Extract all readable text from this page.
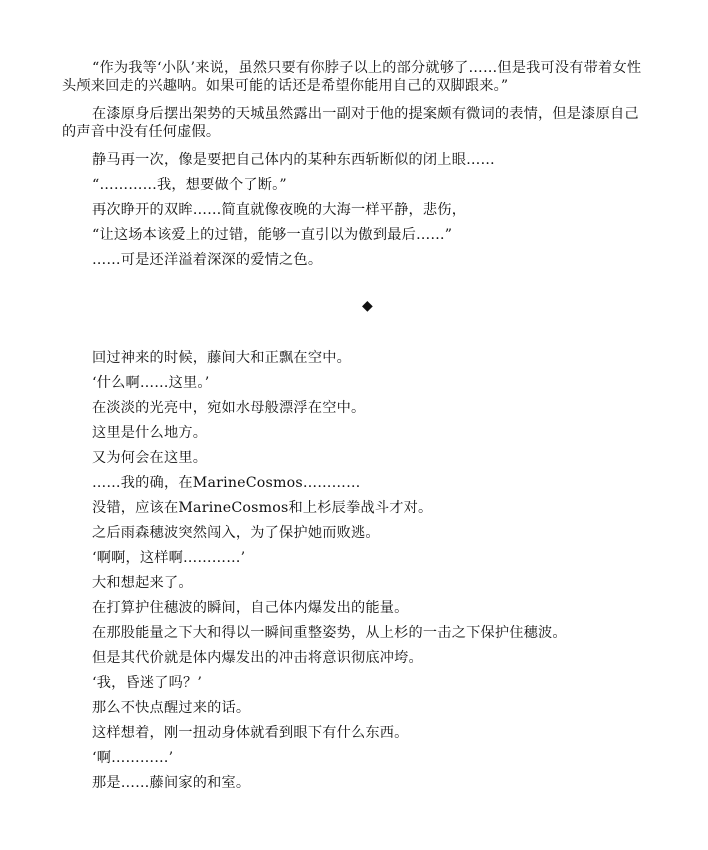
“作为我等‘小队’来说，虽然只要有你脖子以上的部分就够了……但是我可没有带着女性头颅来回走的兴趣呐。如果可能的话还是希望你能用自己的双脚跟来。”
在漆原身后摆出架势的天城虽然露出一副对于他的提案颇有微词的表情，但是漆原自己的声音中没有任何虚假。
静马再一次，像是要把自己体内的某种东西斩断似的闭上眼……
“…………我，想要做个了断。”
再次睁开的双眸……简直就像夜晚的大海一样平静，悲伤，
“让这场本该爱上的过错，能够一直引以为傲到最后……”
……可是还洋溢着深深的爱情之色。
◆
回过神来的时候，藤间大和正飘在空中。
‘什么啊……这里。’
在淡淡的光亮中，宛如水母般漂浮在空中。
这里是什么地方。
又为何会在这里。
……我的确，在MarineCosmos…………
没错，应该在MarineCosmos和上杉辰拳战斗才对。
之后雨森穗波突然闯入，为了保护她而败逃。
‘啊啊，这样啊…………’
大和想起来了。
在打算护住穗波的瞬间，自己体内爆发出的能量。
在那股能量之下大和得以一瞬间重整姿势，从上杉的一击之下保护住穗波。
但是其代价就是体内爆发出的冲击将意识彻底冲垮。
‘我，昏迷了吗？’
那么不快点醒过来的话。
这样想着，刚一扭动身体就看到眼下有什么东西。
‘啊…………’
那是……藤间家的和室。
